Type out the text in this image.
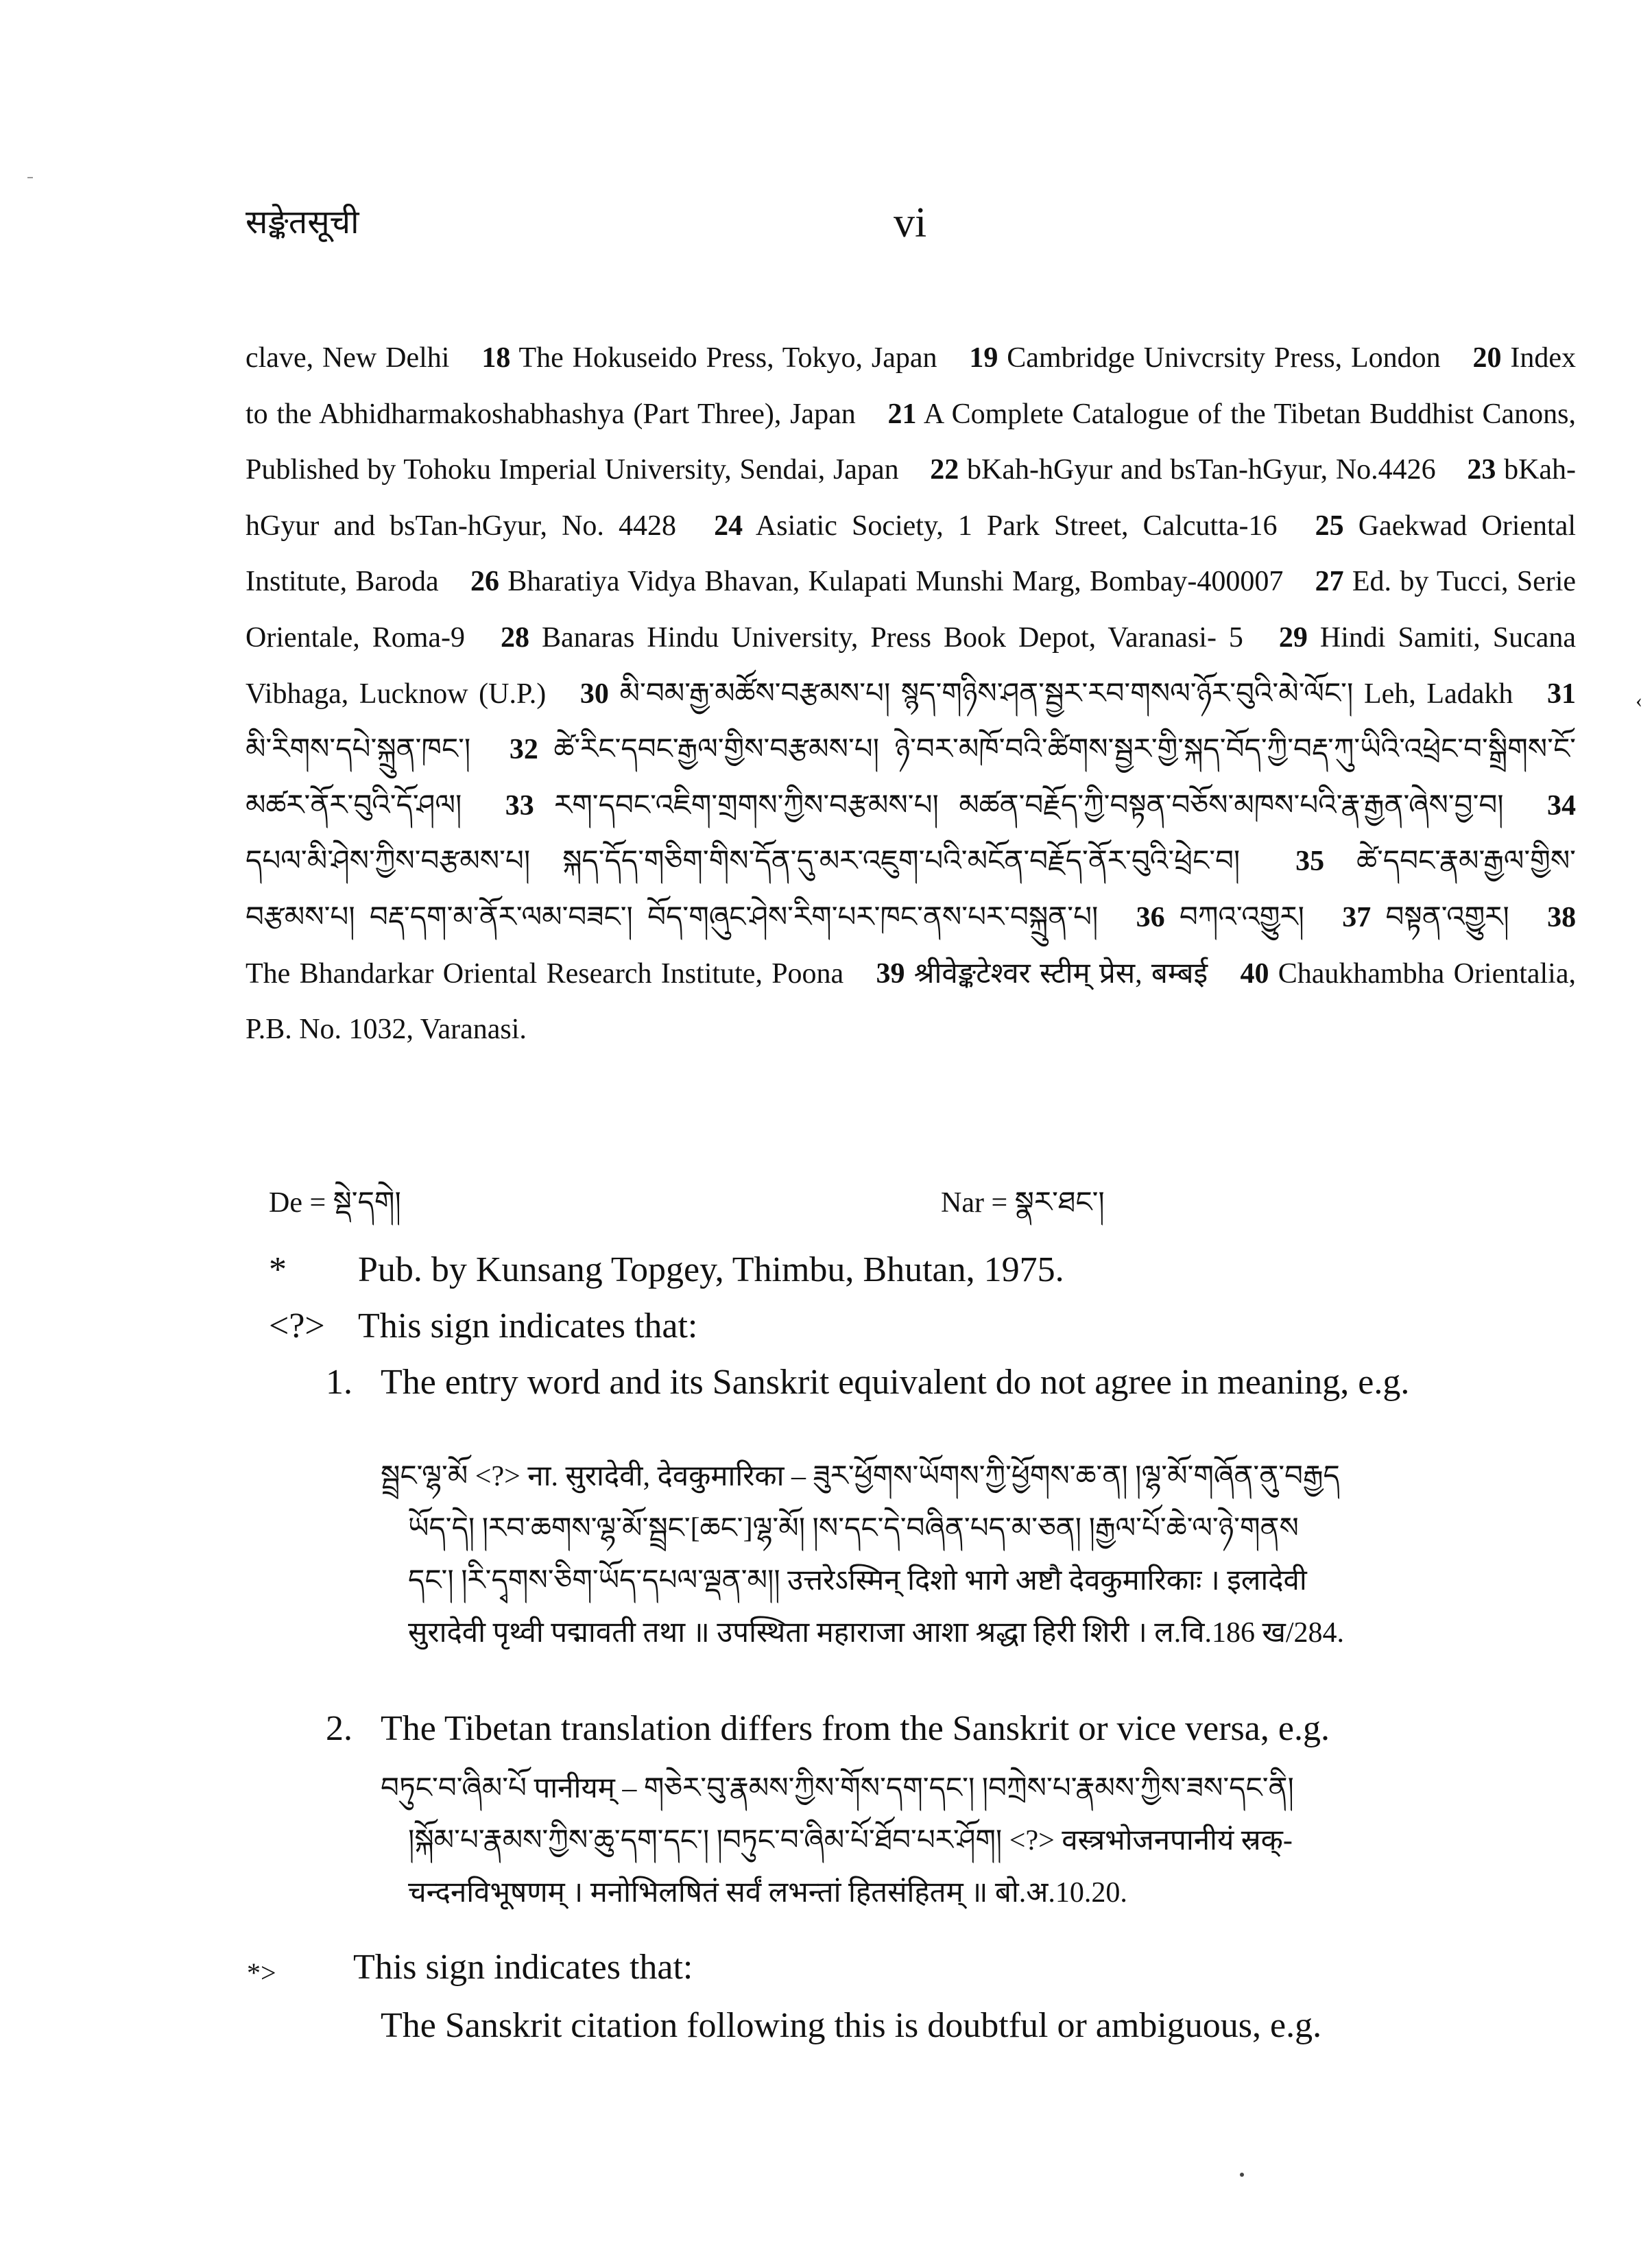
सङ्केतसूची	vi
clave, New Delhi 18 The Hokuseido Press, Tokyo, Japan 19 Cambridge Univcrsity Press, London 20 Index to the Abhidharmakoshabhashya (Part Three), Japan 21 A Complete Catalogue of the Tibetan Buddhist Canons, Published by Tohoku Imperial University, Sendai, Japan 22 bKah-hGyur and bsTan-hGyur, No.4426 23 bKah-hGyur and bsTan-hGyur, No. 4428 24 Asiatic Society, 1 Park Street, Calcutta-16 25 Gaekwad Oriental Institute, Baroda 26 Bharatiya Vidya Bhavan, Kulapati Munshi Marg, Bombay-400007 27 Ed. by Tucci, Serie Orientale, Roma-9 28 Banaras Hindu University, Press Book Depot, Varanasi- 5 29 Hindi Samiti, Sucana Vibhaga, Lucknow (U.P.) 30 མི་བམ་རྒྱ་མཚོས་བརྩམས་པ། སྙད་གཉིས་ཤན་སྦྱར་རབ་གསལ་ཉོར་བུའི་མེ་ལོང་། Leh, Ladakh 31 མི་རིགས་དཔེ་སྐྲུན་ཁང་། 32 ཚེ་རིང་དབང་རྒྱལ་གྱིས་བརྩམས་པ། ཉེ་བར་མཁོ་བའི་ཚིགས་སྦྱར་གྱི་སྐད་བོད་ཀྱི་བརྡ་ཀུ་ཡིའི་འཕྲེང་བ་སྒྲིགས་ངོ་མཚར་ནོར་བུའི་དོ་ཤལ། 33 རག་དབང་འཇིག་གྲགས་ཀྱིས་བརྩམས་པ། མཚན་བརྗོད་ཀྱི་བསྟན་བཅོས་མཁས་པའི་རྣ་རྒྱན་ཞེས་བྱ་བ། 34 དཔལ་མི་ཤེས་ཀྱིས་བརྩམས་པ། སྐད་དོད་གཅིག་གིས་དོན་དུ་མར་འཇུག་པའི་མངོན་བརྗོད་ནོར་བུའི་ཕྲེང་བ། 35 ཚེ་དབང་རྣམ་རྒྱལ་གྱིས་བརྩམས་པ། བརྡ་དག་མ་ནོར་ལམ་བཟང་། བོད་གཞུང་ཤེས་རིག་པར་ཁང་ནས་པར་བསྐྲུན་པ། 36 བཀའ་འགྱུར། 37 བསྟན་འགྱུར། 38 The Bhandarkar Oriental Research Institute, Poona 39 श्रीवेङ्कटेश्वर स्टीम् प्रेस, बम्बई 40 Chaukhambha Orientalia, P.B. No. 1032, Varanasi.
De = སྡེ་དགེ།	Nar = སྣར་ཐང་།
* Pub. by Kunsang Topgey, Thimbu, Bhutan, 1975.
<?> This sign indicates that:
1. The entry word and its Sanskrit equivalent do not agree in meaning, e.g.
སྦྲང་ལྷ་མོ <?> ना. सुरादेवी, देवकुमारिका – ཟུར་ཕྱོགས་ཡོགས་ཀྱི་ཕྱོགས་ཆ་ན། །ལྷ་མོ་གཞོན་ནུ་བརྒྱད
ཡོད་དེ། །རབ་ཆགས་ལྷ་མོ་སྦྲང་[ཆང་]ལྷ་མོ། །ས་དང་དེ་བཞིན་པད་མ་ཅན། །རྒྱལ་པོ་ཆེ་ལ་ཉེ་གནས
དང་། །རི་དྭགས་ཅིག་ཡོད་དཔལ་ལྡན་མ།། उत्तरेऽस्मिन् दिशो भागे अष्टौ देवकुमारिकाः । इलादेवी
सुरादेवी पृथ्वी पद्मावती तथा ॥ उपस्थिता महाराजा आशा श्रद्धा हिरी शिरी । ल.वि.186 ख/284.
2. The Tibetan translation differs from the Sanskrit or vice versa, e.g.
བཏུང་བ་ཞིམ་པོ पानीयम् – གཅེར་བུ་རྣམས་ཀྱིས་གོས་དག་དང་། །བཀྲེས་པ་རྣམས་ཀྱིས་ཟས་དང་ནི།
།སྐོམ་པ་རྣམས་ཀྱིས་ཆུ་དག་དང་། །བཏུང་བ་ཞིམ་པོ་ཐོབ་པར་ཤོག། <?> वस्त्रभोजनपानीयं स्रक्-
चन्दनविभूषणम् । मनोभिलषितं सर्वं लभन्तां हितसंहितम् ॥ बो.अ.10.20.
*> This sign indicates that:
The Sanskrit citation following this is doubtful or ambiguous, e.g.
‹
